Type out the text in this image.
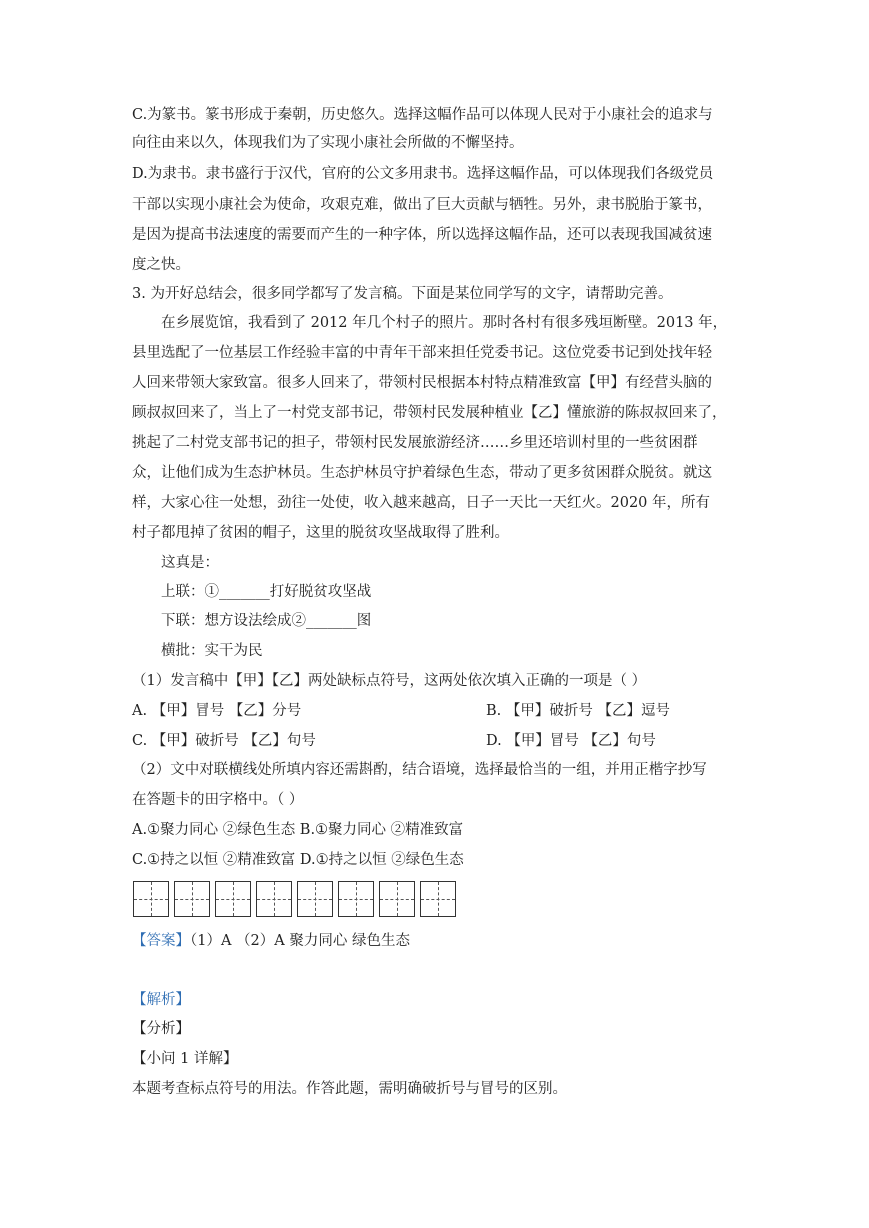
C.为篆书。篆书形成于秦朝，历史悠久。选择这幅作品可以体现人民对于小康社会的追求与
向往由来以久，体现我们为了实现小康社会所做的不懈坚持。
D.为隶书。隶书盛行于汉代，官府的公文多用隶书。选择这幅作品，可以体现我们各级党员
干部以实现小康社会为使命，攻艰克难，做出了巨大贡献与牺牲。另外，隶书脱胎于篆书，
是因为提高书法速度的需要而产生的一种字体，所以选择这幅作品，还可以表现我国减贫速
度之快。
3. 为开好总结会，很多同学都写了发言稿。下面是某位同学写的文字，请帮助完善。
在乡展览馆，我看到了 2012 年几个村子的照片。那时各村有很多残垣断壁。2013 年，
县里选配了一位基层工作经验丰富的中青年干部来担任党委书记。这位党委书记到处找年轻
人回来带领大家致富。很多人回来了，带领村民根据本村特点精准致富【甲】有经营头脑的
顾叔叔回来了，当上了一村党支部书记，带领村民发展种植业【乙】懂旅游的陈叔叔回来了，
挑起了二村党支部书记的担子，带领村民发展旅游经济……乡里还培训村里的一些贫困群
众，让他们成为生态护林员。生态护林员守护着绿色生态，带动了更多贫困群众脱贫。就这
样，大家心往一处想，劲往一处使，收入越来越高，日子一天比一天红火。2020 年，所有
村子都甩掉了贫困的帽子，这里的脱贫攻坚战取得了胜利。
这真是：
上联：①_______打好脱贫攻坚战
下联：想方设法绘成②_______图
横批：实干为民
（1）发言稿中【甲】【乙】两处缺标点符号，这两处依次填入正确的一项是（ ）
A. 【甲】冒号 【乙】分号	B. 【甲】破折号 【乙】逗号
C. 【甲】破折号 【乙】句号	D. 【甲】冒号 【乙】句号
（2）文中对联横线处所填内容还需斟酌，结合语境，选择最恰当的一组，并用正楷字抄写
在答题卡的田字格中。（ ）
A.①聚力同心 ②绿色生态 B.①聚力同心 ②精准致富
C.①持之以恒 ②精准致富 D.①持之以恒 ②绿色生态
【答案】（1）A （2）A 聚力同心 绿色生态
【解析】
【分析】
【小问 1 详解】
本题考查标点符号的用法。作答此题，需明确破折号与冒号的区别。
